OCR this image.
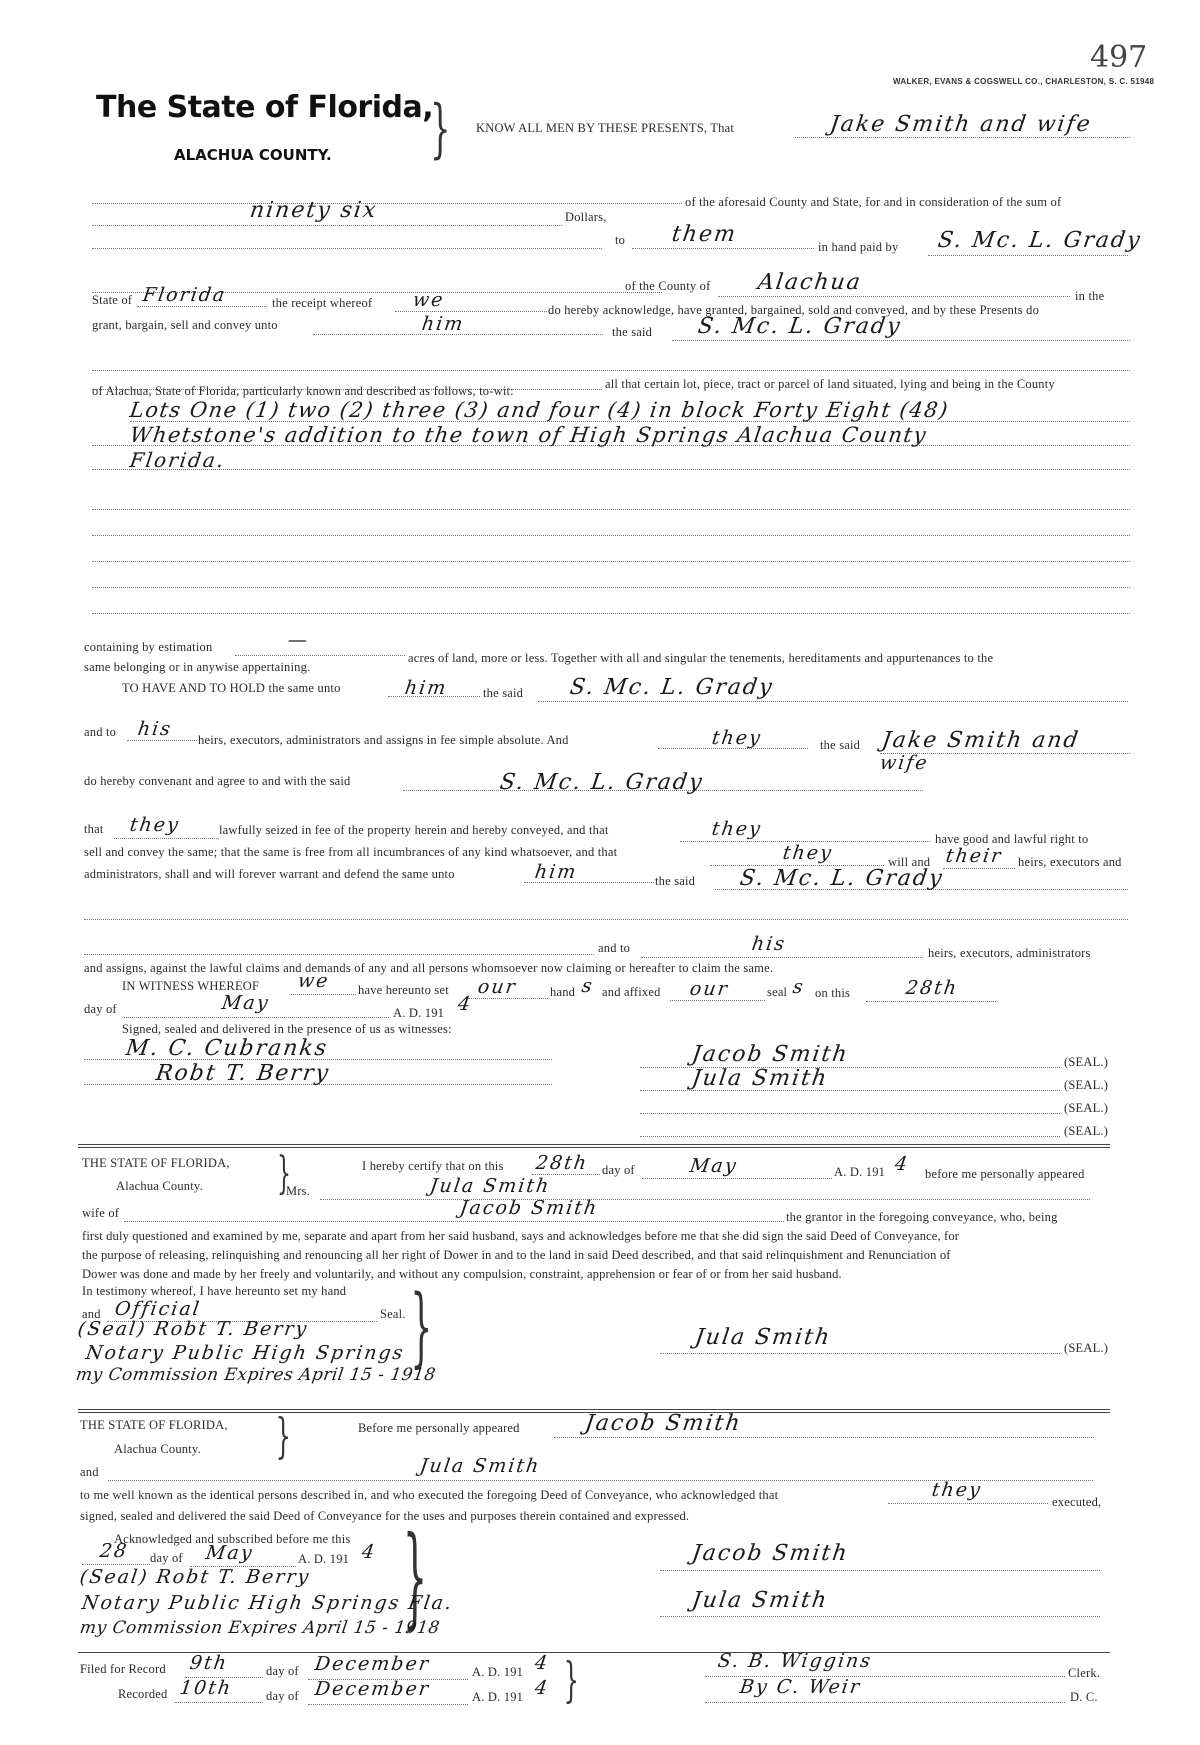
497
WALKER, EVANS & COGSWELL CO., CHARLESTON, S. C. 51948
The State of Florida,
ALACHUA COUNTY. } KNOW ALL MEN BY THESE PRESENTS, That	Jake Smith and wife
of the aforesaid County and State, for and in consideration of the sum of
ninety six	Dollars,
to them	in hand paid by S. Mc. L. Grady
of the County of Alachua
in the
State of Florida	the receipt whereof we	do hereby acknowledge, have granted, bargained, sold and conveyed, and by these Presents do
grant, bargain, sell and convey unto	him	the said S. Mc. L. Grady
all that certain lot, piece, tract or parcel of land situated, lying and being in the County
of Alachua, State of Florida, particularly known and described as follows, to-wit:
Lots One (1) two (2) three (3) and four (4) in block Forty Eight (48)
Whetstone's addition to the town of High Springs Alachua County
Florida.
containing by estimation	—
acres of land, more or less. Together with all and singular the tenements, hereditaments and appurtenances to the
same belonging or in anywise appertaining.
TO HAVE AND TO HOLD the same unto	him	the said S. Mc. L. Grady
and to his heirs, executors, administrators and assigns in fee simple absolute. And	they	the said Jake Smith and
wife
do hereby convenant and agree to and with the said	S. Mc. L. Grady
that they	lawfully seized in fee of the property herein and hereby conveyed, and that	they	have good and lawful right to
sell and convey the same; that the same is free from all incumbrances of any kind whatsoever, and that	they	will and their heirs, executors and
administrators, shall and will forever warrant and defend the same unto	him	the said S. Mc. L. Grady
and to	his	heirs, executors, administrators
and assigns, against the lawful claims and demands of any and all persons whomsoever now claiming or hereafter to claim the same.
IN WITNESS WHEREOF we have hereunto set our	hand s and affixed our	seal s on this	28th
day of	May	A. D. 191 4
Signed, sealed and delivered in the presence of us as witnesses:
M. C. Cubranks
Robt T. Berry
Jacob Smith
Jula Smith
(SEAL.)
(SEAL.)
(SEAL.)
(SEAL.)
THE STATE OF FLORIDA,
Alachua County. }
Mrs.
I hereby certify that on this 28th day of	May	A. D. 191 4 before me personally appeared
Jula Smith
wife of	Jacob Smith	the grantor in the foregoing conveyance, who, being
first duly questioned and examined by me, separate and apart from her said husband, says and acknowledges before me that she did sign the said Deed of Conveyance, for
the purpose of releasing, relinquishing and renouncing all her right of Dower in and to the land in said Deed described, and that said relinquishment and Renunciation of
Dower was done and made by her freely and voluntarily, and without any compulsion, constraint, apprehension or fear of or from her said husband.
In testimony whereof, I have hereunto set my hand
and Official	Seal. }
(Seal) Robt T. Berry
Notary Public High Springs
my Commission Expires April 15 - 1918
Jula Smith	(SEAL.)
THE STATE OF FLORIDA,
Alachua County. }	Before me personally appeared	Jacob Smith
and	Jula Smith
to me well known as the identical persons described in, and who executed the foregoing Deed of Conveyance, who acknowledged that	they
executed,
signed, sealed and delivered the said Deed of Conveyance for the uses and purposes therein contained and expressed.
Acknowledged and subscribed before me this }
28 day of May	A. D. 191 4
(Seal) Robt T. Berry
Notary Public High Springs Fla.
my Commission Expires April 15 - 1918
Jacob Smith
Jula Smith
Filed for Record 9th	day of December	A. D. 191 4 }
Recorded 10th	day of December	A. D. 191 4
S. B. Wiggins
Clerk.
By C. Weir	D. C.
